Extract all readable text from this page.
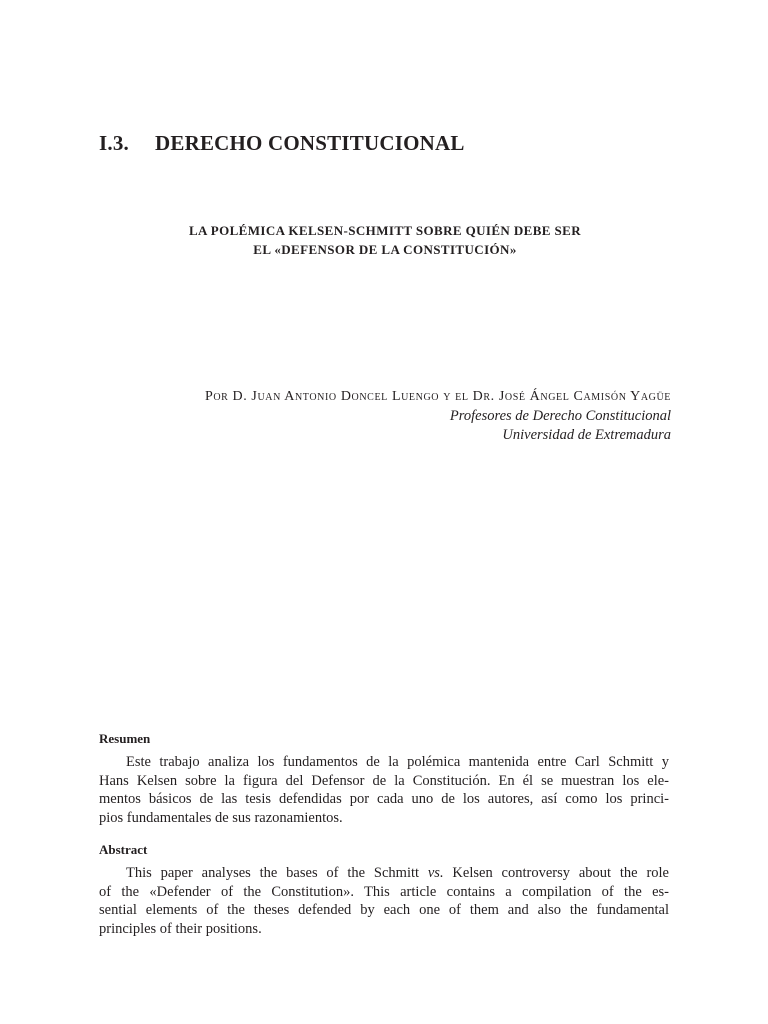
I.3. DERECHO CONSTITUCIONAL
LA POLÉMICA KELSEN-SCHMITT SOBRE QUIÉN DEBE SER
EL «DEFENSOR DE LA CONSTITUCIÓN»
Por D. Juan Antonio Doncel Luengo y el Dr. José Ángel Camisón Yagüe
Profesores de Derecho Constitucional
Universidad de Extremadura
Resumen
Este trabajo analiza los fundamentos de la polémica mantenida entre Carl Schmitt y
Hans Kelsen sobre la figura del Defensor de la Constitución. En él se muestran los ele-
mentos básicos de las tesis defendidas por cada uno de los autores, así como los princi-
pios fundamentales de sus razonamientos.
Abstract
This paper analyses the bases of the Schmitt vs. Kelsen controversy about the role
of the «Defender of the Constitution». This article contains a compilation of the es-
sential elements of the theses defended by each one of them and also the fundamental
principles of their positions.
